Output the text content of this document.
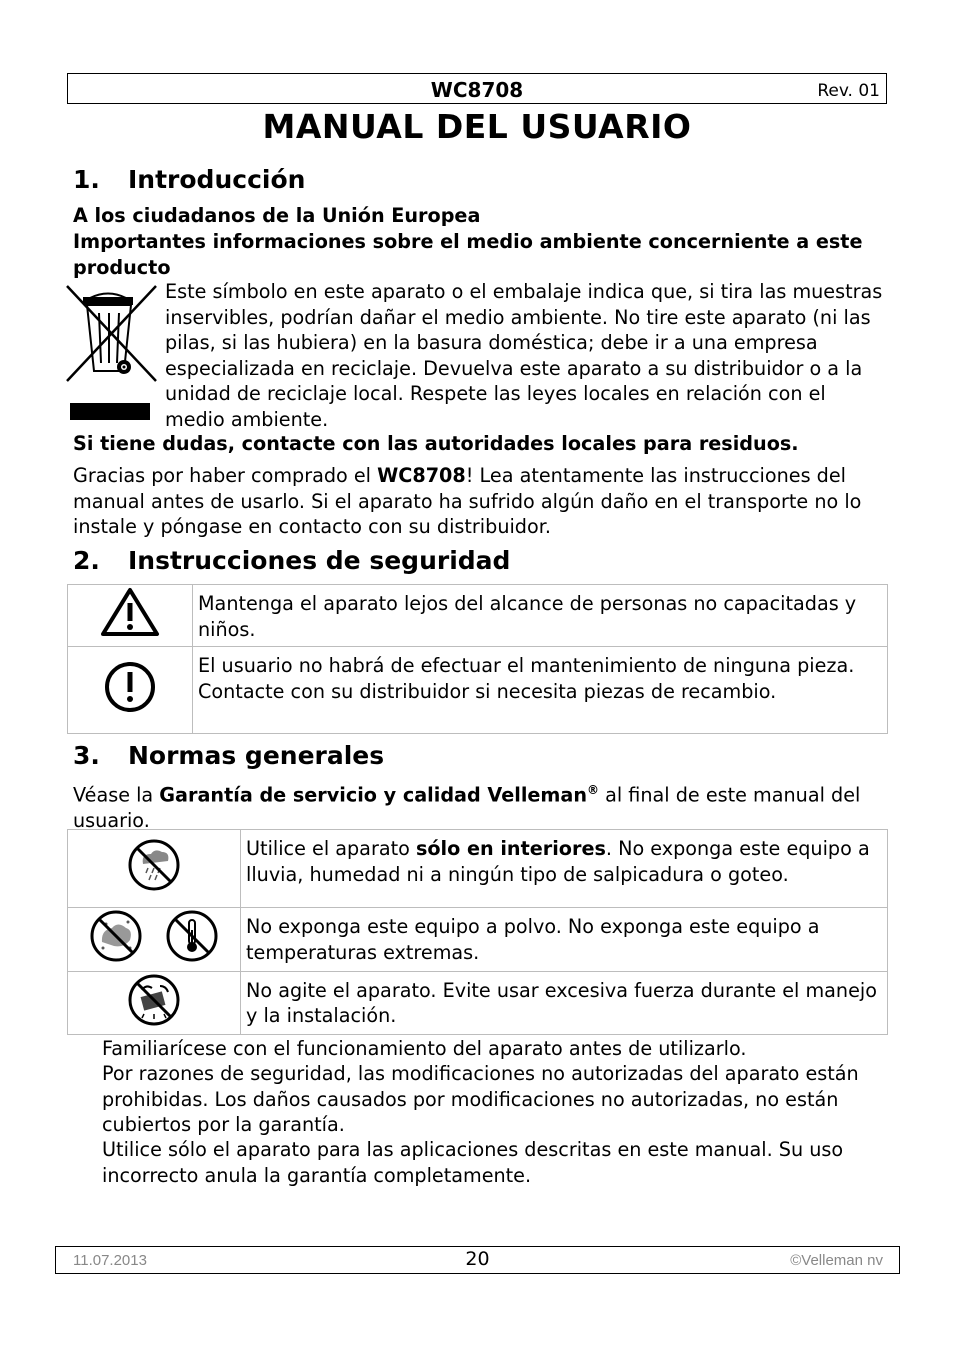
WC8708	Rev. 01
MANUAL DEL USUARIO
1. Introducción
A los ciudadanos de la Unión Europea
Importantes informaciones sobre el medio ambiente concerniente a este producto
Este símbolo en este aparato o el embalaje indica que, si tira las muestras inservibles, podrían dañar el medio ambiente. No tire este aparato (ni las pilas, si las hubiera) en la basura doméstica; debe ir a una empresa especializada en reciclaje. Devuelva este aparato a su distribuidor o a la unidad de reciclaje local. Respete las leyes locales en relación con el medio ambiente.
Si tiene dudas, contacte con las autoridades locales para residuos.
Gracias por haber comprado el WC8708! Lea atentamente las instrucciones del manual antes de usarlo. Si el aparato ha sufrido algún daño en el transporte no lo instale y póngase en contacto con su distribuidor.
2. Instrucciones de seguridad
	Mantenga el aparato lejos del alcance de personas no capacitadas y niños.
	El usuario no habrá de efectuar el mantenimiento de ninguna pieza. Contacte con su distribuidor si necesita piezas de recambio.
3. Normas generales
Véase la Garantía de servicio y calidad Velleman® al final de este manual del usuario.
	Utilice el aparato sólo en interiores. No exponga este equipo a lluvia, humedad ni a ningún tipo de salpicadura o goteo.
	No exponga este equipo a polvo. No exponga este equipo a temperaturas extremas.
	No agite el aparato. Evite usar excesiva fuerza durante el manejo y la instalación.
Familiarícese con el funcionamiento del aparato antes de utilizarlo.
Por razones de seguridad, las modificaciones no autorizadas del aparato están prohibidas. Los daños causados por modificaciones no autorizadas, no están cubiertos por la garantía.
Utilice sólo el aparato para las aplicaciones descritas en este manual. Su uso incorrecto anula la garantía completamente.
11.07.2013	20	©Velleman nv
